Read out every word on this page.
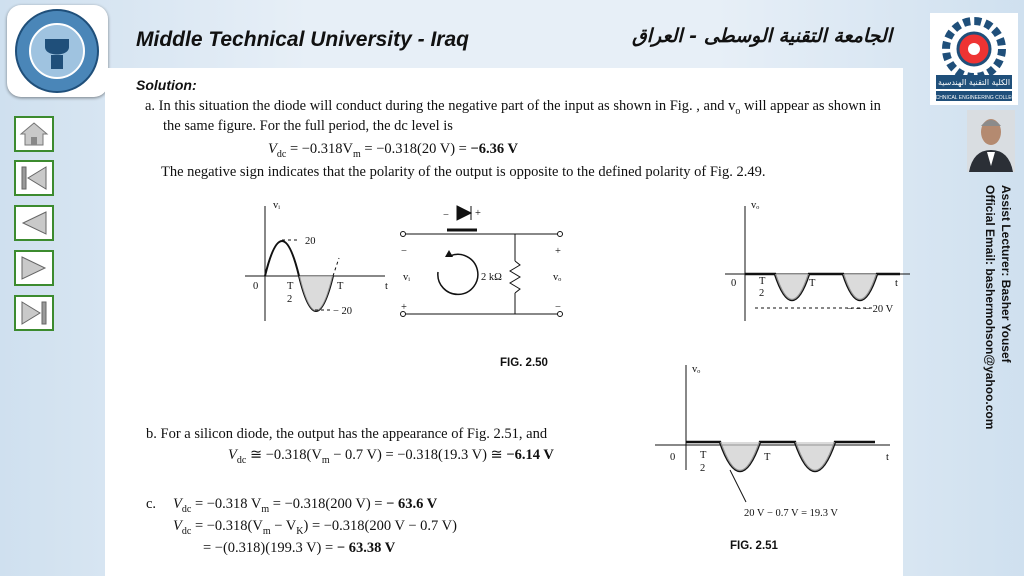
Middle Technical University - Iraq	الجامعة التقنية الوسطى - العراق
الكلية التقنية الهندسية
TECHNICAL ENGINEERING COLLEGE
Assist Lecturer: Basher Yousef
Official Email: bashermohson@yahoo.com
Solution:
a. In this situation the diode will conduct during the negative part of the input as shown in Fig. , and $v_o$ will appear as shown in
the same figure. For the full period, the dc level is
$V_{dc} = -0.318V_m = -0.318(20$ V) = −6.36 V
The negative sign indicates that the polarity of the output is opposite to the defined polarity of Fig. 2.49.
vᵢ
20
− 20
0	T
2
T	t
− +
−
+
+
−
vᵢ	vₒ
2 kΩ
vₒ
0 T
2
T	t
− − − 20 V
FIG. 2.50
vₒ
0 T
2
T	t
20 V − 0.7 V = 19.3 V
b. For a silicon diode, the output has the appearance of Fig. 2.51, and
$V_{dc}$ ≅ $-0.318(V_m - 0.7$ V) = −0.318(19.3 V) ≅ −6.14 V
c. $V_{dc} = -0.318$ $V_m = -0.318(200$ V) = − 63.6 V
$V_{dc} = -0.318(V_m - V_K) = -0.318(200$ V − 0.7 V)
= −(0.318)(199.3 V) = − 63.38 V	FIG. 2.51
